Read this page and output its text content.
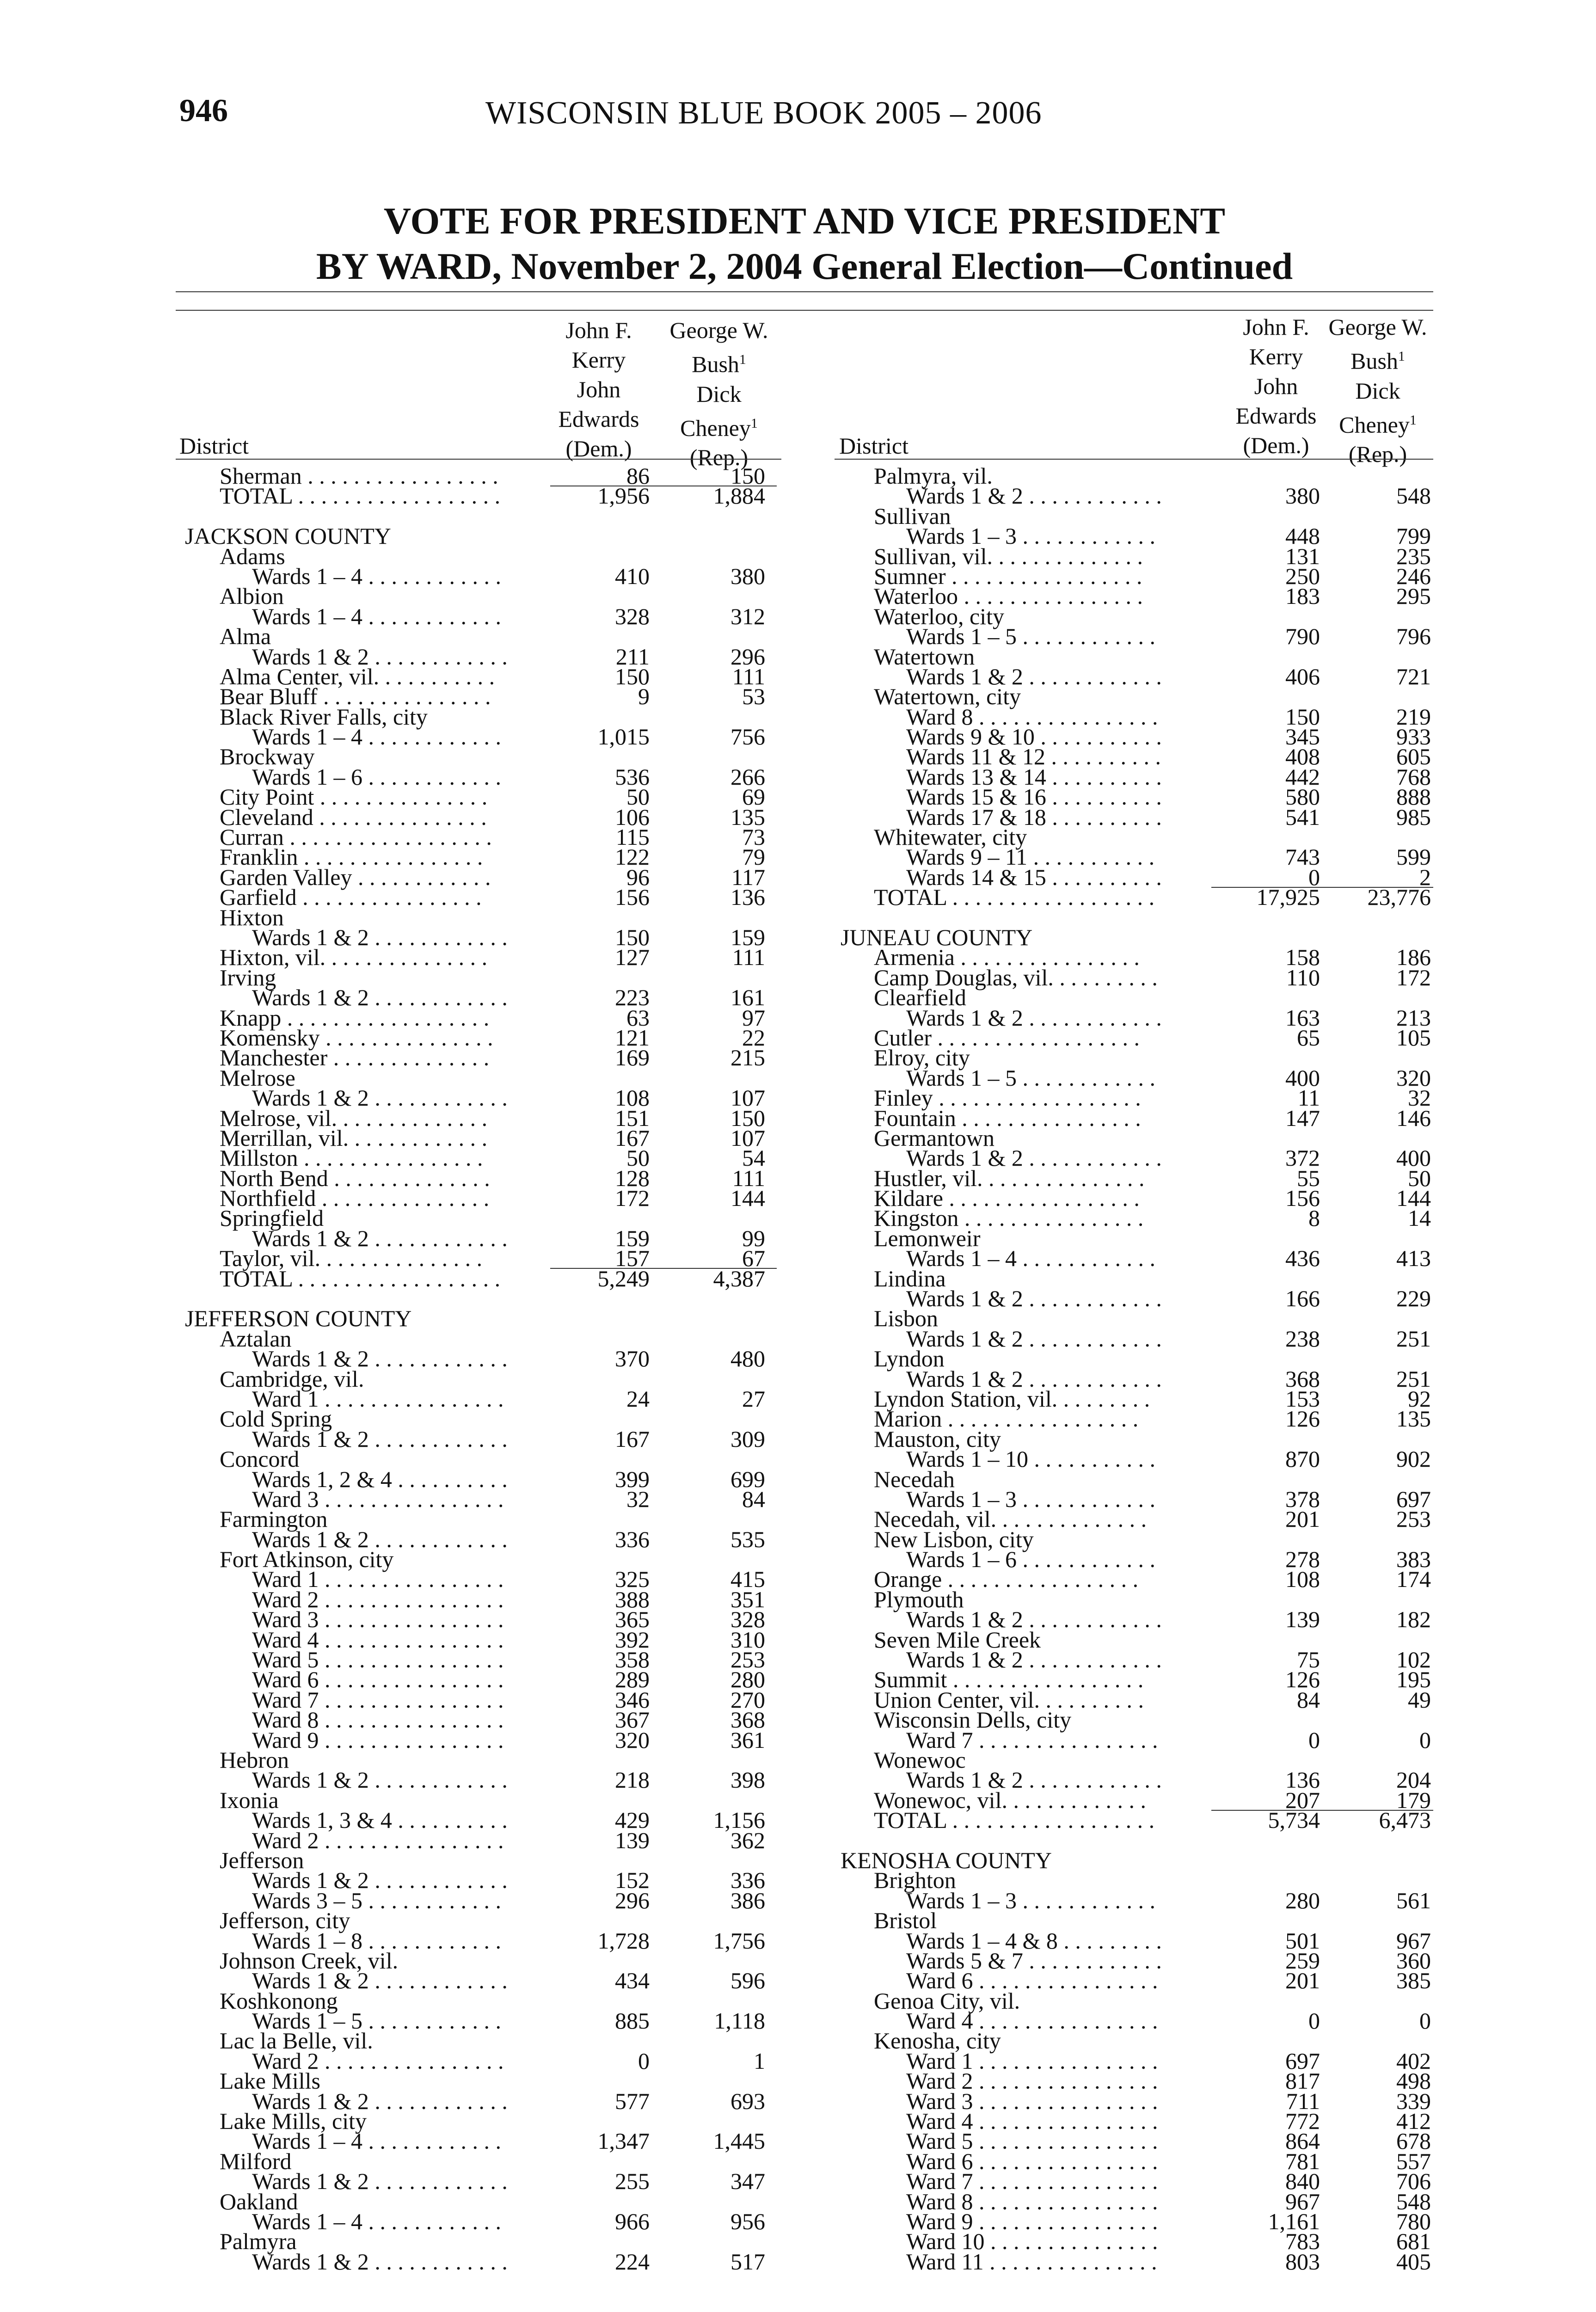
946	WISCONSIN BLUE BOOK 2005 – 2006
VOTE FOR PRESIDENT AND VICE PRESIDENT
BY WARD, November 2, 2004 General Election—Continued
District
John F.
Kerry
John
Edwards
(Dem.)
George W.
Bush$^1$
Dick
Cheney$^1$
(Rep.)
Sherman . . . . . . . . . . . . . . . . .	86	150
TOTAL . . . . . . . . . . . . . . . . . .	1,956	1,884
JACKSON COUNTY
Adams
Wards 1 – 4 . . . . . . . . . . . .	410	380
Albion
Wards 1 – 4 . . . . . . . . . . . .	328	312
Alma
Wards 1 & 2 . . . . . . . . . . . .	211	296
Alma Center, vil. . . . . . . . . . .	150	111
Bear Bluff . . . . . . . . . . . . . . .	9	53
Black River Falls, city
Wards 1 – 4 . . . . . . . . . . . .	1,015	756
Brockway
Wards 1 – 6 . . . . . . . . . . . .	536	266
City Point . . . . . . . . . . . . . . .	50	69
Cleveland . . . . . . . . . . . . . . .	106	135
Curran . . . . . . . . . . . . . . . . . .	115	73
Franklin . . . . . . . . . . . . . . . .	122	79
Garden Valley . . . . . . . . . . . .	96	117
Garfield . . . . . . . . . . . . . . . .	156	136
Hixton
Wards 1 & 2 . . . . . . . . . . . .	150	159
Hixton, vil. . . . . . . . . . . . . . .	127	111
Irving
Wards 1 & 2 . . . . . . . . . . . .	223	161
Knapp . . . . . . . . . . . . . . . . . .	63	97
Komensky . . . . . . . . . . . . . . .	121	22
Manchester . . . . . . . . . . . . . .	169	215
Melrose
Wards 1 & 2 . . . . . . . . . . . .	108	107
Melrose, vil. . . . . . . . . . . . . .	151	150
Merrillan, vil. . . . . . . . . . . . .	167	107
Millston . . . . . . . . . . . . . . . .	50	54
North Bend . . . . . . . . . . . . . .	128	111
Northfield . . . . . . . . . . . . . . .	172	144
Springfield
Wards 1 & 2 . . . . . . . . . . . .	159	99
Taylor, vil. . . . . . . . . . . . . . .	157	67
TOTAL . . . . . . . . . . . . . . . . . .	5,249	4,387
JEFFERSON COUNTY
Aztalan
Wards 1 & 2 . . . . . . . . . . . .	370	480
Cambridge, vil.
Ward 1 . . . . . . . . . . . . . . . .	24	27
Cold Spring
Wards 1 & 2 . . . . . . . . . . . .	167	309
Concord
Wards 1, 2 & 4 . . . . . . . . . .	399	699
Ward 3 . . . . . . . . . . . . . . . .	32	84
Farmington
Wards 1 & 2 . . . . . . . . . . . .	336	535
Fort Atkinson, city
Ward 1 . . . . . . . . . . . . . . . .	325	415
Ward 2 . . . . . . . . . . . . . . . .	388	351
Ward 3 . . . . . . . . . . . . . . . .	365	328
Ward 4 . . . . . . . . . . . . . . . .	392	310
Ward 5 . . . . . . . . . . . . . . . .	358	253
Ward 6 . . . . . . . . . . . . . . . .	289	280
Ward 7 . . . . . . . . . . . . . . . .	346	270
Ward 8 . . . . . . . . . . . . . . . .	367	368
Ward 9 . . . . . . . . . . . . . . . .	320	361
Hebron
Wards 1 & 2 . . . . . . . . . . . .	218	398
Ixonia
Wards 1, 3 & 4 . . . . . . . . . .	429	1,156
Ward 2 . . . . . . . . . . . . . . . .	139	362
Jefferson
Wards 1 & 2 . . . . . . . . . . . .	152	336
Wards 3 – 5 . . . . . . . . . . . .	296	386
Jefferson, city
Wards 1 – 8 . . . . . . . . . . . .	1,728	1,756
Johnson Creek, vil.
Wards 1 & 2 . . . . . . . . . . . .	434	596
Koshkonong
Wards 1 – 5 . . . . . . . . . . . .	885	1,118
Lac la Belle, vil.
Ward 2 . . . . . . . . . . . . . . . .	0	1
Lake Mills
Wards 1 & 2 . . . . . . . . . . . .	577	693
Lake Mills, city
Wards 1 – 4 . . . . . . . . . . . .	1,347	1,445
Milford
Wards 1 & 2 . . . . . . . . . . . .	255	347
Oakland
Wards 1 – 4 . . . . . . . . . . . .	966	956
Palmyra
Wards 1 & 2 . . . . . . . . . . . .	224	517
District
John F.
Kerry
John
Edwards
(Dem.)
George W.
Bush$^1$
Dick
Cheney$^1$
(Rep.)
Palmyra, vil.
Wards 1 & 2 . . . . . . . . . . . .	380	548
Sullivan
Wards 1 – 3 . . . . . . . . . . . .	448	799
Sullivan, vil. . . . . . . . . . . . . .	131	235
Sumner . . . . . . . . . . . . . . . . .	250	246
Waterloo . . . . . . . . . . . . . . . .	183	295
Waterloo, city
Wards 1 – 5 . . . . . . . . . . . .	790	796
Watertown
Wards 1 & 2 . . . . . . . . . . . .	406	721
Watertown, city
Ward 8 . . . . . . . . . . . . . . . .	150	219
Wards 9 & 10 . . . . . . . . . . .	345	933
Wards 11 & 12 . . . . . . . . . .	408	605
Wards 13 & 14 . . . . . . . . . .	442	768
Wards 15 & 16 . . . . . . . . . .	580	888
Wards 17 & 18 . . . . . . . . . .	541	985
Whitewater, city
Wards 9 – 11 . . . . . . . . . . .	743	599
Wards 14 & 15 . . . . . . . . . .	0	2
TOTAL . . . . . . . . . . . . . . . . . .	17,925	23,776
JUNEAU COUNTY
Armenia . . . . . . . . . . . . . . . .	158	186
Camp Douglas, vil. . . . . . . . . .	110	172
Clearfield
Wards 1 & 2 . . . . . . . . . . . .	163	213
Cutler . . . . . . . . . . . . . . . . . .	65	105
Elroy, city
Wards 1 – 5 . . . . . . . . . . . .	400	320
Finley . . . . . . . . . . . . . . . . . .	11	32
Fountain . . . . . . . . . . . . . . . .	147	146
Germantown
Wards 1 & 2 . . . . . . . . . . . .	372	400
Hustler, vil. . . . . . . . . . . . . . .	55	50
Kildare . . . . . . . . . . . . . . . . .	156	144
Kingston . . . . . . . . . . . . . . . .	8	14
Lemonweir
Wards 1 – 4 . . . . . . . . . . . .	436	413
Lindina
Wards 1 & 2 . . . . . . . . . . . .	166	229
Lisbon
Wards 1 & 2 . . . . . . . . . . . .	238	251
Lyndon
Wards 1 & 2 . . . . . . . . . . . .	368	251
Lyndon Station, vil. . . . . . . . .	153	92
Marion . . . . . . . . . . . . . . . . .	126	135
Mauston, city
Wards 1 – 10 . . . . . . . . . . .	870	902
Necedah
Wards 1 – 3 . . . . . . . . . . . .	378	697
Necedah, vil. . . . . . . . . . . . . .	201	253
New Lisbon, city
Wards 1 – 6 . . . . . . . . . . . .	278	383
Orange . . . . . . . . . . . . . . . . .	108	174
Plymouth
Wards 1 & 2 . . . . . . . . . . . .	139	182
Seven Mile Creek
Wards 1 & 2 . . . . . . . . . . . .	75	102
Summit . . . . . . . . . . . . . . . . .	126	195
Union Center, vil. . . . . . . . . .	84	49
Wisconsin Dells, city
Ward 7 . . . . . . . . . . . . . . . .	0	0
Wonewoc
Wards 1 & 2 . . . . . . . . . . . .	136	204
Wonewoc, vil. . . . . . . . . . . . .	207	179
TOTAL . . . . . . . . . . . . . . . . . .	5,734	6,473
KENOSHA COUNTY
Brighton
Wards 1 – 3 . . . . . . . . . . . .	280	561
Bristol
Wards 1 – 4 & 8 . . . . . . . . .	501	967
Wards 5 & 7 . . . . . . . . . . . .	259	360
Ward 6 . . . . . . . . . . . . . . . .	201	385
Genoa City, vil.
Ward 4 . . . . . . . . . . . . . . . .	0	0
Kenosha, city
Ward 1 . . . . . . . . . . . . . . . .	697	402
Ward 2 . . . . . . . . . . . . . . . .	817	498
Ward 3 . . . . . . . . . . . . . . . .	711	339
Ward 4 . . . . . . . . . . . . . . . .	772	412
Ward 5 . . . . . . . . . . . . . . . .	864	678
Ward 6 . . . . . . . . . . . . . . . .	781	557
Ward 7 . . . . . . . . . . . . . . . .	840	706
Ward 8 . . . . . . . . . . . . . . . .	967	548
Ward 9 . . . . . . . . . . . . . . . .	1,161	780
Ward 10 . . . . . . . . . . . . . . .	783	681
Ward 11 . . . . . . . . . . . . . . .	803	405
